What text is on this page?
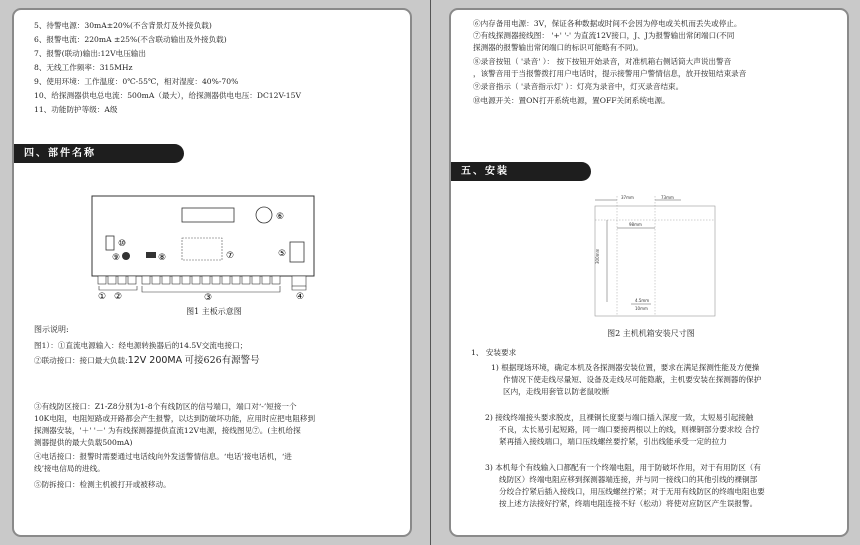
5、待警电源：30mA±20%(不含背景灯及外接负载)
6、报警电流：220mA ±25%(不含联动输出及外接负载)
7、报警(联动)输出:12V电压输出
8、无线工作频率：315MHz
9、使用环境：工作温度：0℃-55℃，相对湿度：40%-70%
10、给探测器供电总电流：500mA（最大），给探测器供电电压：DC12V-15V
11、功能防护等级：A级
四、部件名称
⑩
⑨	⑧	⑦
⑥
⑤
① ②	③	④
图1 主板示意图
图示说明:
图1）：①直流电源输入：经电源转换器后的14.5V交流电接口；
②联动接口：接口最大负载:12V 200MA 可接626有源警号
③有线防区接口：Z1-Z8分别为1-8个有线防区的信号端口，端口对‘-’短接一个
10K电阻，电阻短路或开路都会产生报警，以达到防破坏功能，应用时应把电阻移到
探测器安装，'＋' '－' 为有线探测器提供直流12V电源，接线图见⑦。(主机给探
测器提供的最大负载500mA)
④电话接口：报警时需要通过电话线向外发送警情信息。‘电话’接电话机，‘进
线’接电信局的进线。
⑤防拆接口：检测主机被打开或被移动。
⑥内存备用电源：3V，保证各种数据或时间不会因为停电或关机而丢失或停止。
⑦有线探测器接线图： '+' '-' 为直流12V接口，J、J为报警输出常闭端口(不同
探测器的报警输出常闭端口的标识可能略有不同)。
⑧录音按钮（ '录音' ）： 按下按钮开始录音，对准机箱右侧话筒大声说出警音
，该警音用于当报警拨打用户电话时，提示接警用户警情信息，放开按钮结束录音
⑨录音指示（ '录音指示灯' ）：灯亮为录音中，灯灭录音结束。
⑩电源开关：置ON打开系统电源，置OFF关闭系统电源。
五、安装
37mm	73mm
98mm
300mm
4.5mm
10mm
图2 主机机箱安装尺寸图
1、 安装要求
1) 根据现场环境，确定本机及各探测器安装位置，要求在满足探测性能及方便操
作情况下使走线尽量短、设备及走线尽可能隐蔽，主机要安装在探测器的保护
区内，走线用套管以防老鼠咬断
2) 接线终端接头要求脱皮，且裸铜长度要与端口插入深度一致，太短易引起接触
不良，太长易引起短路，同一端口要接两根以上的线，则裸铜部分要求绞 合拧
紧再插入接线端口，端口压线螺丝要拧紧，引出线能承受一定的拉力
3) 本机每个有线输入口都配有一个终端电阻，用于防破坏作用，对于有用防区（有
线防区）终端电阻应移到探测器端连接，并与同一接线口的其他引线的裸铜部
分绞合拧紧后插入接线口，用压线螺丝拧紧；对于无用有线防区的终端电阻也要
按上述方法接好拧紧，终端电阻连接不好（松动）将使对应防区产生误报警。
